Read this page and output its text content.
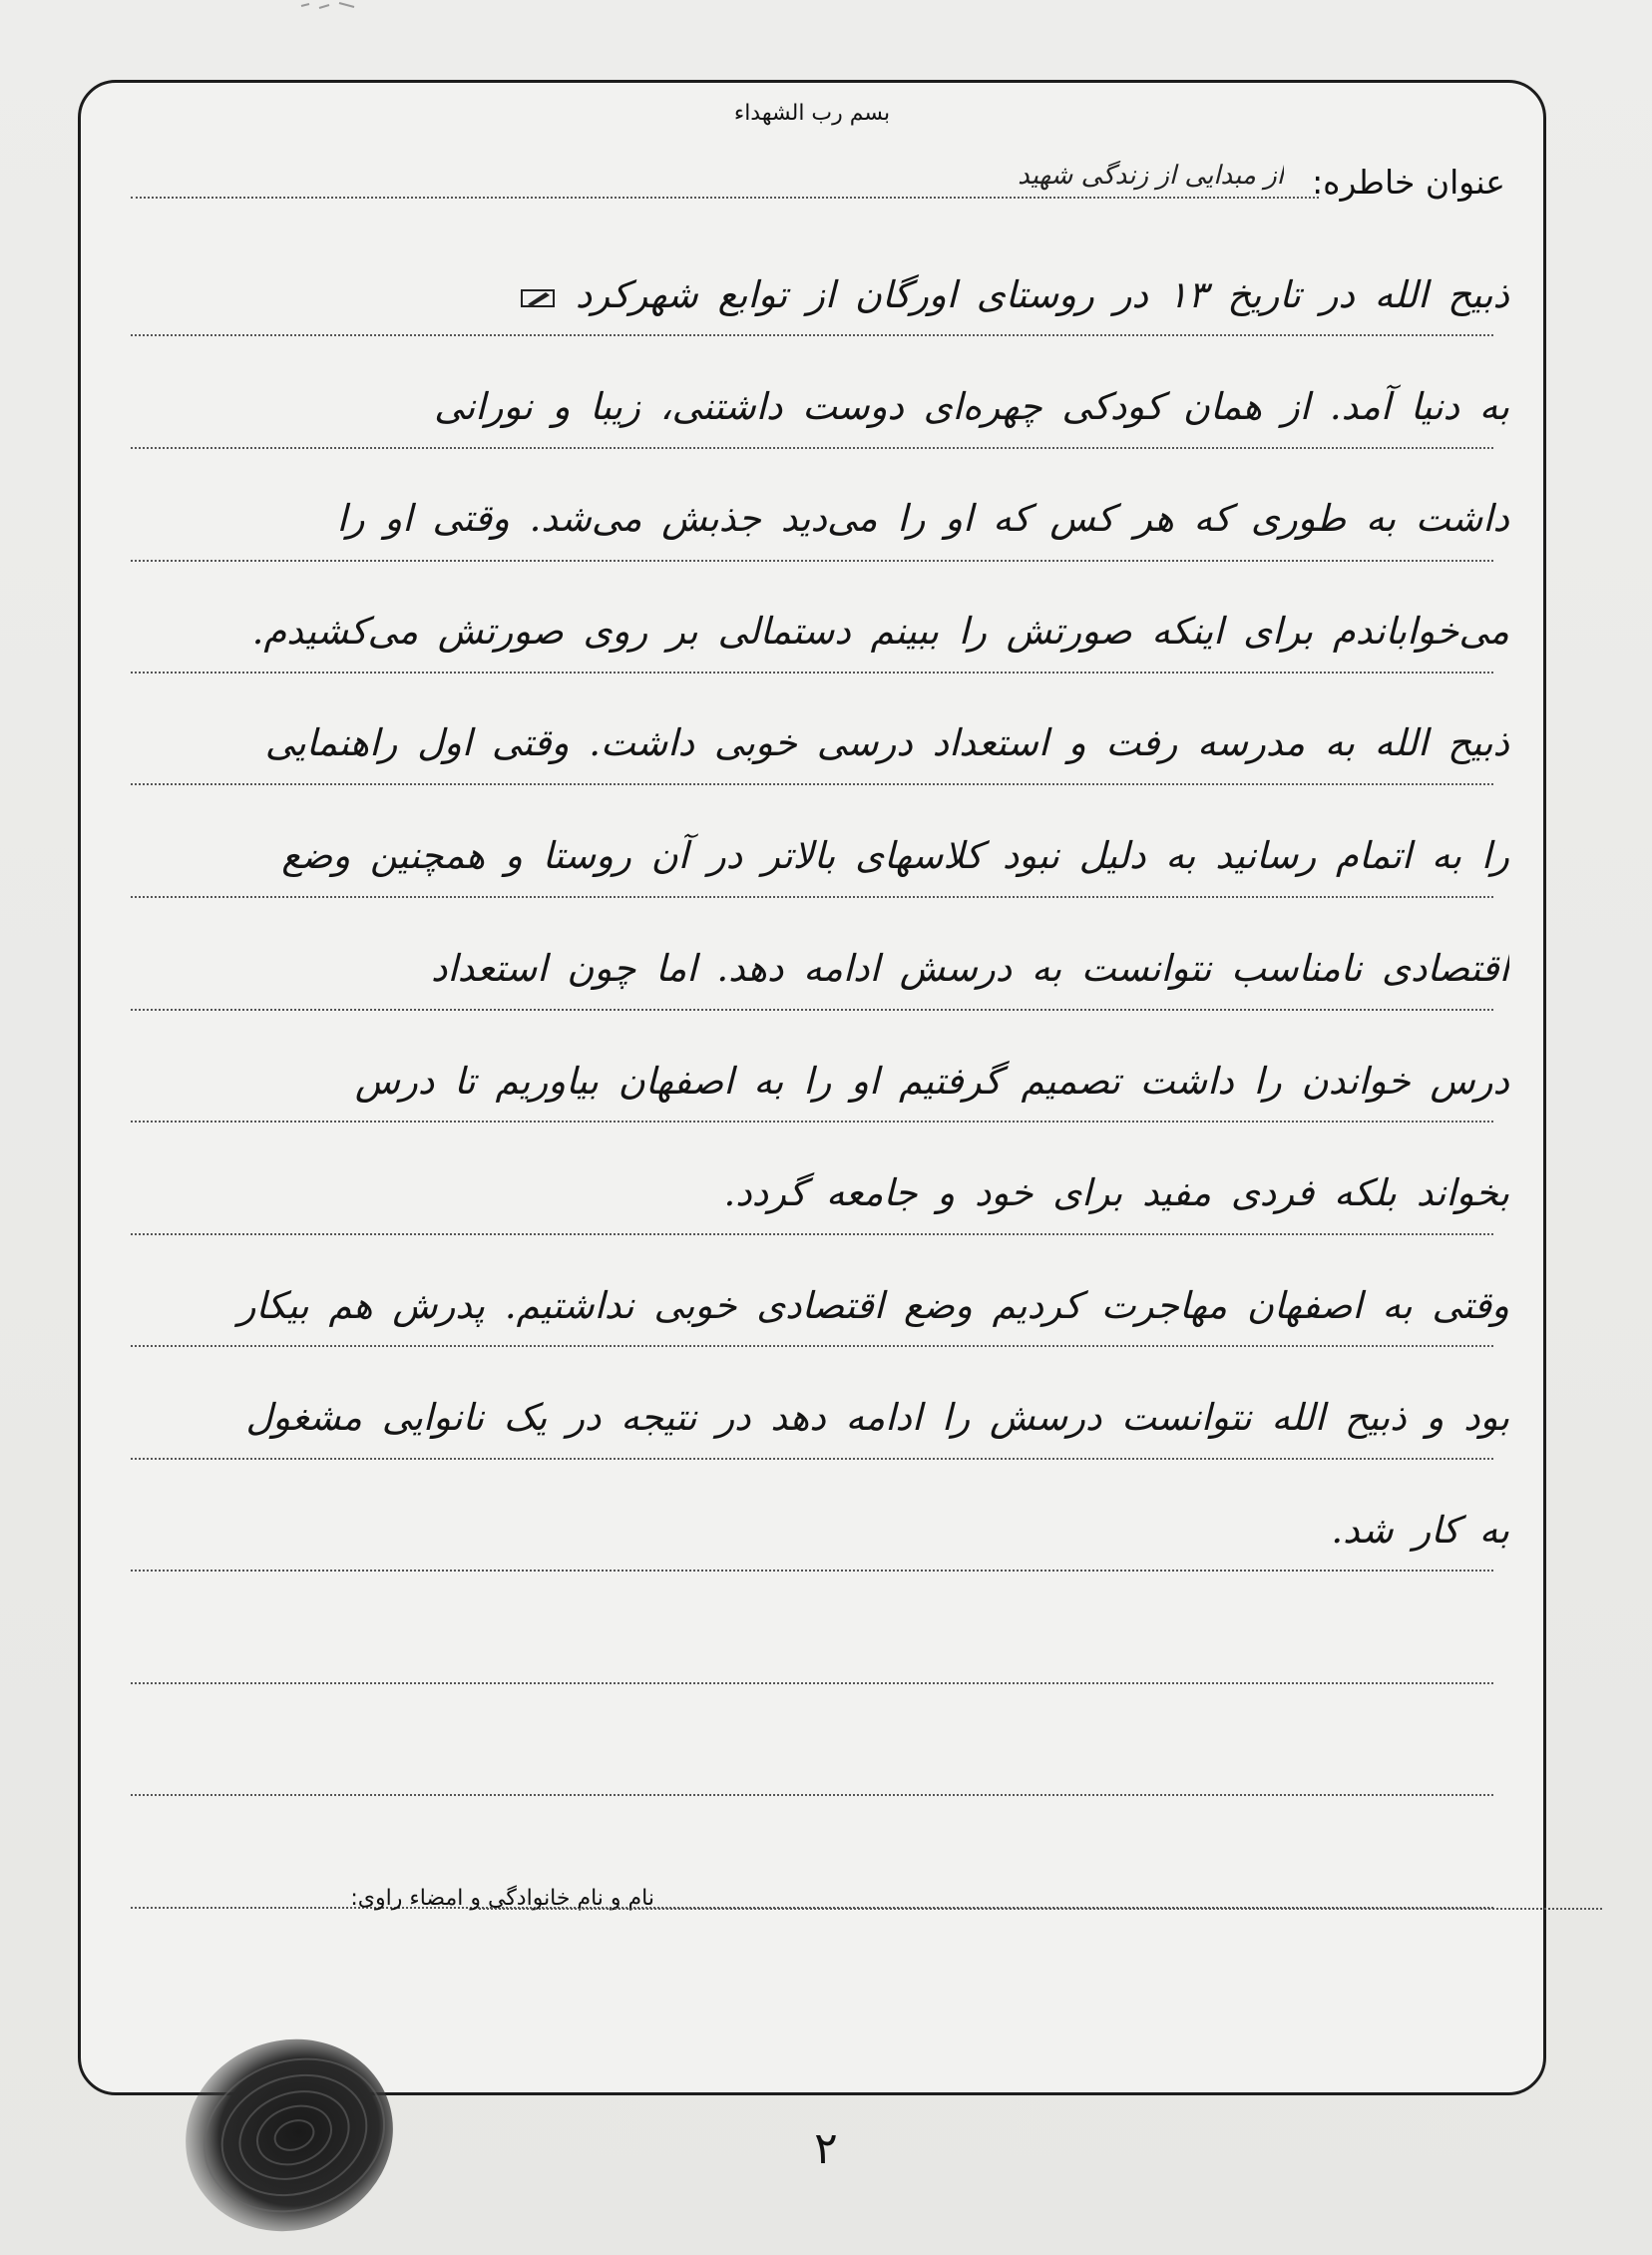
بسم رب الشهداء
عنوان خاطره:
از مبدایی از زندگی شهید
ذبیح الله در تاریخ ۱۳ در روستای اورگان از توابع شهرکرد
به دنیا آمد. از همان کودکی چهره‌ای دوست داشتنی، زیبا و نورانی
داشت به طوری که هر کس که او را می‌دید جذبش می‌شد. وقتی او را
می‌خواباندم برای اینکه صورتش را ببینم دستمالی بر روی صورتش می‌کشیدم.
ذبیح الله به مدرسه رفت و استعداد درسی خوبی داشت. وقتی اول راهنمایی
را به اتمام رسانید به دلیل نبود کلاسهای بالاتر در آن روستا و همچنین وضع
اقتصادی نامناسب نتوانست به درسش ادامه دهد. اما چون استعداد
درس خواندن را داشت تصمیم گرفتیم او را به اصفهان بیاوریم تا درس
بخواند بلکه فردی مفید برای خود و جامعه گردد.
وقتی به اصفهان مهاجرت کردیم وضع اقتصادی خوبی نداشتیم. پدرش هم بیکار
بود و ذبیح الله نتوانست درسش را ادامه دهد در نتیجه در یک نانوایی مشغول
به کار شد.
نام و نام خانوادگی و امضاء راوی:
۲
